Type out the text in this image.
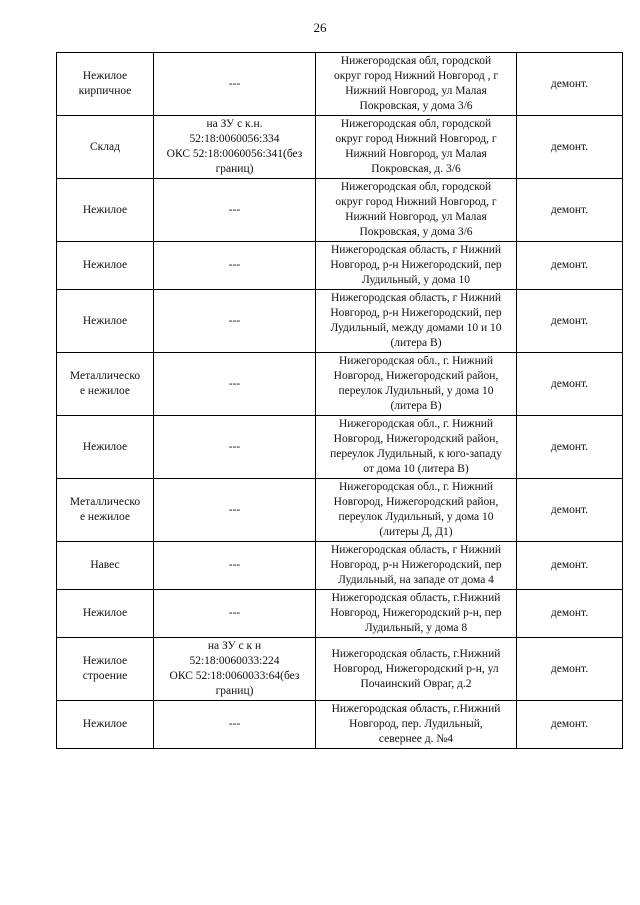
26
Нежилое
кирпичное	---	Нижегородская обл, городской
округ город Нижний Новгород , г
Нижний Новгород, ул Малая
Покровская, у дома 3/6	демонт.
Склад	на ЗУ с к.н.
52:18:0060056:334
ОКС 52:18:0060056:341(без
границ)	Нижегородская обл, городской
округ город Нижний Новгород, г
Нижний Новгород, ул Малая
Покровская, д. 3/6	демонт.
Нежилое	---	Нижегородская обл, городской
округ город Нижний Новгород, г
Нижний Новгород, ул Малая
Покровская, у дома 3/6	демонт.
Нежилое	---	Нижегородская область, г Нижний
Новгород, р-н Нижегородский, пер
Лудильный, у дома 10	демонт.
Нежилое	---	Нижегородская область, г Нижний
Новгород, р-н Нижегородский, пер
Лудильный, между домами 10 и 10
(литера В)	демонт.
Металлическо
е нежилое	---	Нижегородская обл., г. Нижний
Новгород, Нижегородский район,
переулок Лудильный, у дома 10
(литера В)	демонт.
Нежилое	---	Нижегородская обл., г. Нижний
Новгород, Нижегородский район,
переулок Лудильный, к юго-западу
от дома 10 (литера В)	демонт.
Металлическо
е нежилое	---	Нижегородская обл., г. Нижний
Новгород, Нижегородский район,
переулок Лудильный, у дома 10
(литеры Д, Д1)	демонт.
Навес	---	Нижегородская область, г Нижний
Новгород, р-н Нижегородский, пер
Лудильный, на западе от дома 4	демонт.
Нежилое	---	Нижегородская область, г.Нижний
Новгород, Нижегородский р-н, пер
Лудильный, у дома 8	демонт.
Нежилое
строение	на ЗУ с к н
52:18:0060033:224
ОКС 52:18:0060033:64(без
границ)	Нижегородская область, г.Нижний
Новгород, Нижегородский р-н, ул
Почаинский Овраг, д.2	демонт.
Нежилое	---	Нижегородская область, г.Нижний
Новгород, пер. Лудильный,
севернее д. №4	демонт.
